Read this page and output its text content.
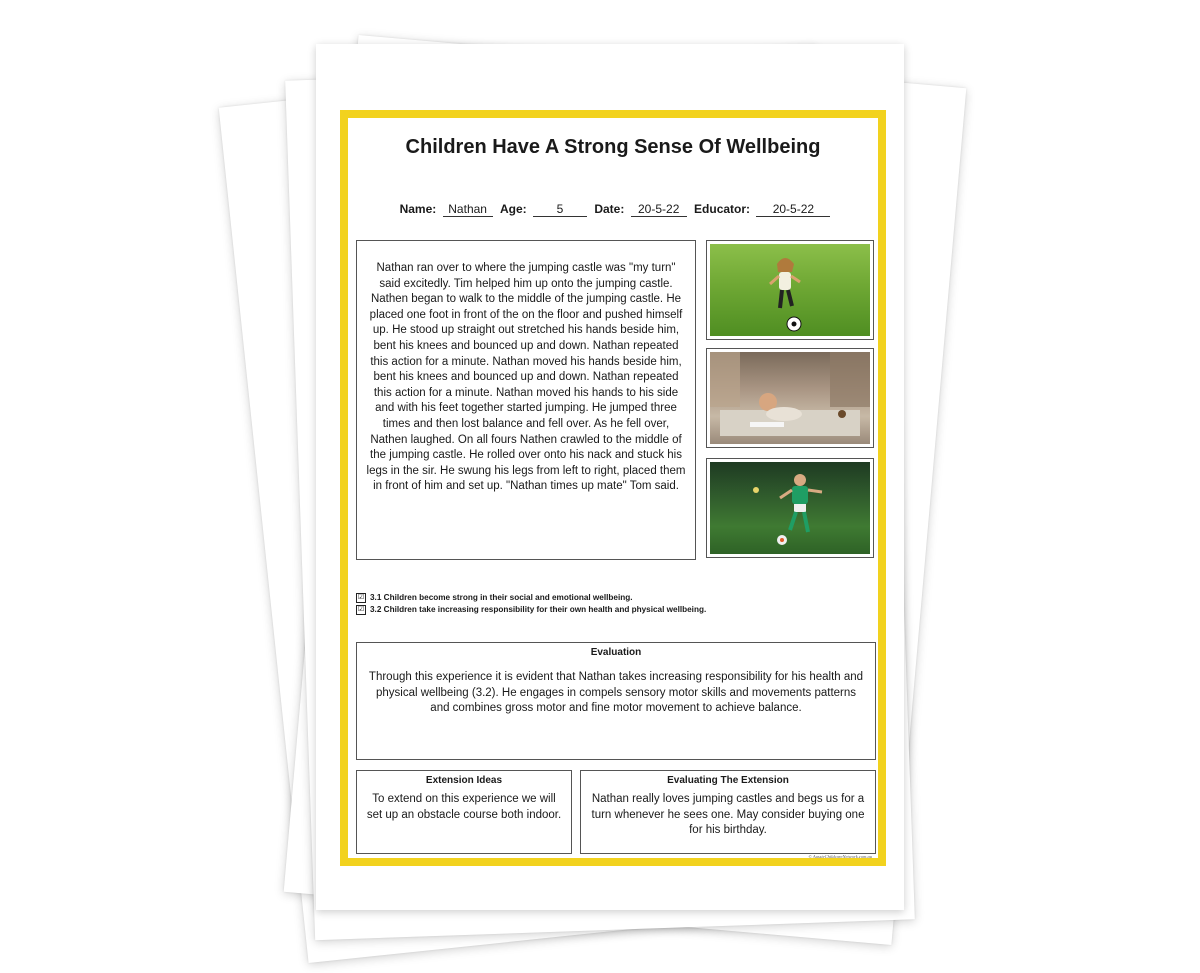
Children Have A Strong Sense Of Wellbeing
Name: Nathan Age:	5	Date: 20-5-22 Educator: 20-5-22
Nathan ran over to where the jumping castle was "my turn" said excitedly. Tim helped him up onto the jumping castle. Nathen began to walk to the middle of the jumping castle. He placed one foot in front of the on the floor and pushed himself up. He stood up straight out stretched his hands beside him, bent his knees and bounced up and down. Nathan repeated this action for a minute. Nathan moved his hands beside him, bent his knees and bounced up and down. Nathan repeated this action for a minute. Nathan moved his hands to his side and with his feet together started jumping. He jumped three times and then lost balance and fell over. As he fell over, Nathen laughed. On all fours Nathen crawled to the middle of the jumping castle. He rolled over onto his nack and stuck his legs in the sir. He swung his legs from left to right, placed them in front of him and set up. "Nathan times up mate" Tom said.
☑ 3.1 Children become strong in their social and emotional wellbeing.
☑ 3.2 Children take increasing responsibility for their own health and physical wellbeing.
Evaluation
Through this experience it is evident that Nathan takes increasing responsibility for his health and physical wellbeing (3.2). He engages in compels sensory motor skills and movements patterns and combines gross motor and fine motor movement to achieve balance.
Extension Ideas
To extend on this experience we will set up an obstacle course both indoor.
Evaluating The Extension
Nathan really loves jumping castles and begs us for a turn whenever he sees one. May consider buying one for his birthday.
© AussieChildcareNetwork.com.au
